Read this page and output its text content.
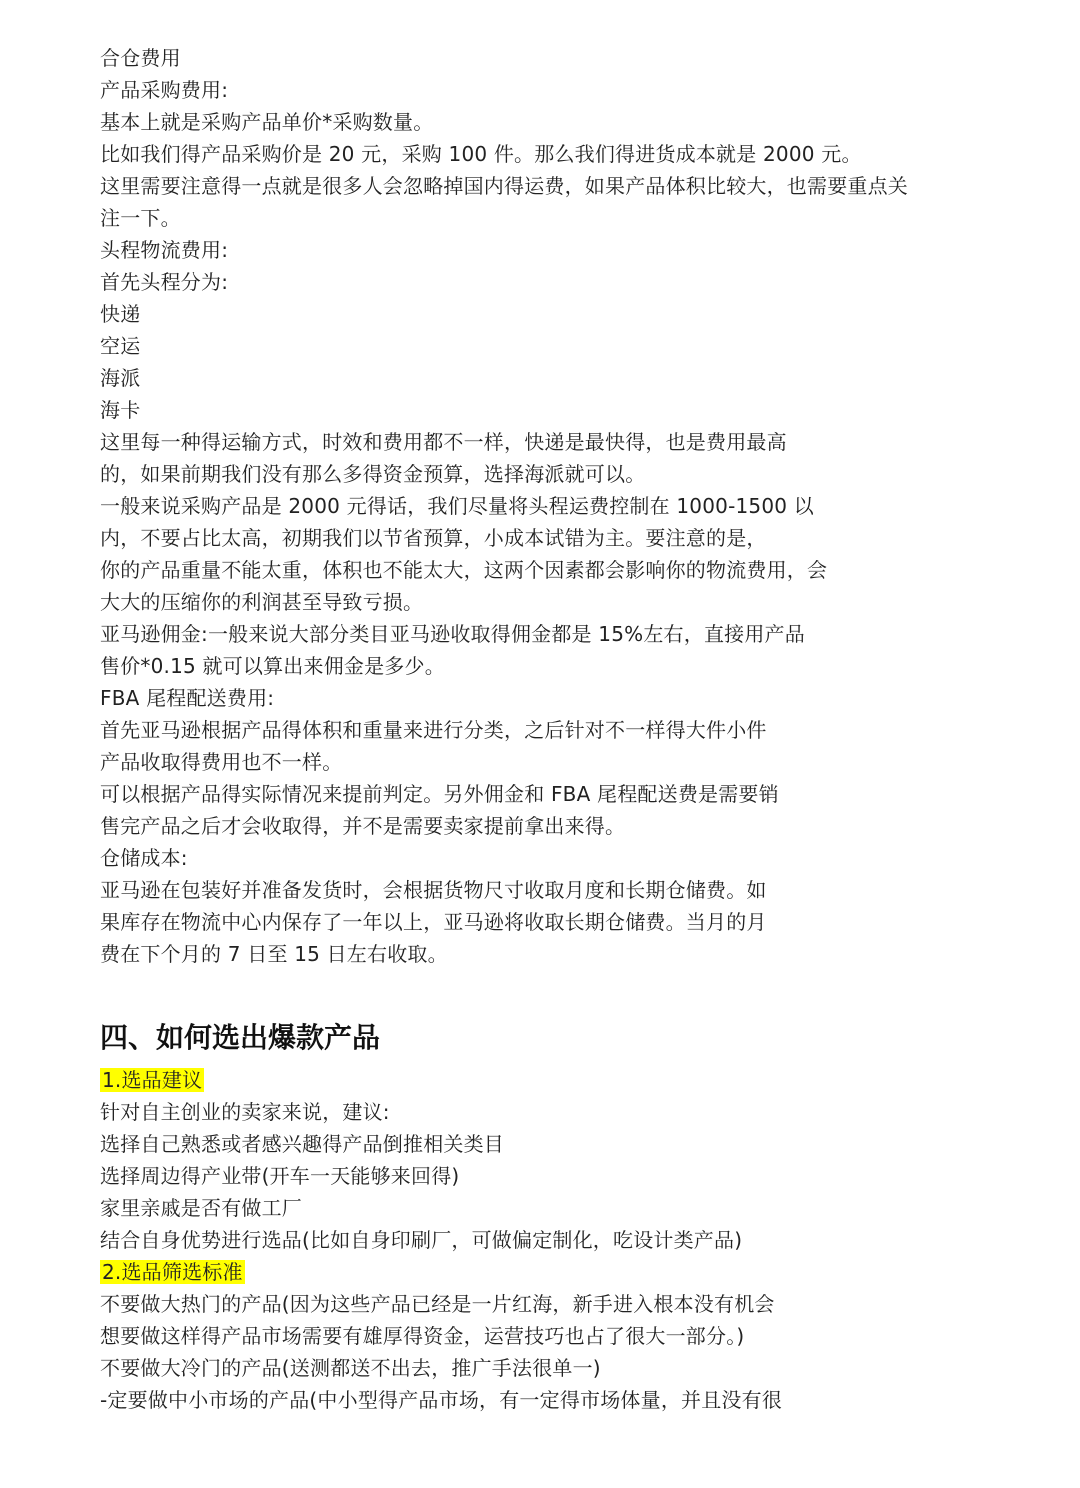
合仓费用
产品采购费用:
基本上就是采购产品单价*采购数量。
比如我们得产品采购价是 20 元，采购 100 件。那么我们得进货成本就是 2000 元。
这里需要注意得一点就是很多人会忽略掉国内得运费，如果产品体积比较大，也需要重点关
注一下。
头程物流费用:
首先头程分为:
快递
空运
海派
海卡
这里每一种得运输方式，时效和费用都不一样，快递是最快得，也是费用最高
的，如果前期我们没有那么多得资金预算，选择海派就可以。
一般来说采购产品是 2000 元得话，我们尽量将头程运费控制在 1000-1500 以
内，不要占比太高，初期我们以节省预算，小成本试错为主。要注意的是，
你的产品重量不能太重，体积也不能太大，这两个因素都会影响你的物流费用，会
大大的压缩你的利润甚至导致亏损。
亚马逊佣金:一般来说大部分类目亚马逊收取得佣金都是 15%左右，直接用产品
售价*0.15 就可以算出来佣金是多少。
FBA 尾程配送费用:
首先亚马逊根据产品得体积和重量来进行分类，之后针对不一样得大件小件
产品收取得费用也不一样。
可以根据产品得实际情况来提前判定。另外佣金和 FBA 尾程配送费是需要销
售完产品之后才会收取得，并不是需要卖家提前拿出来得。
仓储成本:
亚马逊在包装好并准备发货时，会根据货物尺寸收取月度和长期仓储费。如
果库存在物流中心内保存了一年以上，亚马逊将收取长期仓储费。当月的月
费在下个月的 7 日至 15 日左右收取。
四、如何选出爆款产品
1.选品建议
针对自主创业的卖家来说，建议:
选择自己熟悉或者感兴趣得产品倒推相关类目
选择周边得产业带(开车一天能够来回得)
家里亲戚是否有做工厂
结合自身优势进行选品(比如自身印刷厂，可做偏定制化，吃设计类产品)
2.选品筛选标准
不要做大热门的产品(因为这些产品已经是一片红海，新手进入根本没有机会
想要做这样得产品市场需要有雄厚得资金，运营技巧也占了很大一部分。)
不要做大冷门的产品(送测都送不出去，推广手法很单一)
-定要做中小市场的产品(中小型得产品市场，有一定得市场体量，并且没有很
